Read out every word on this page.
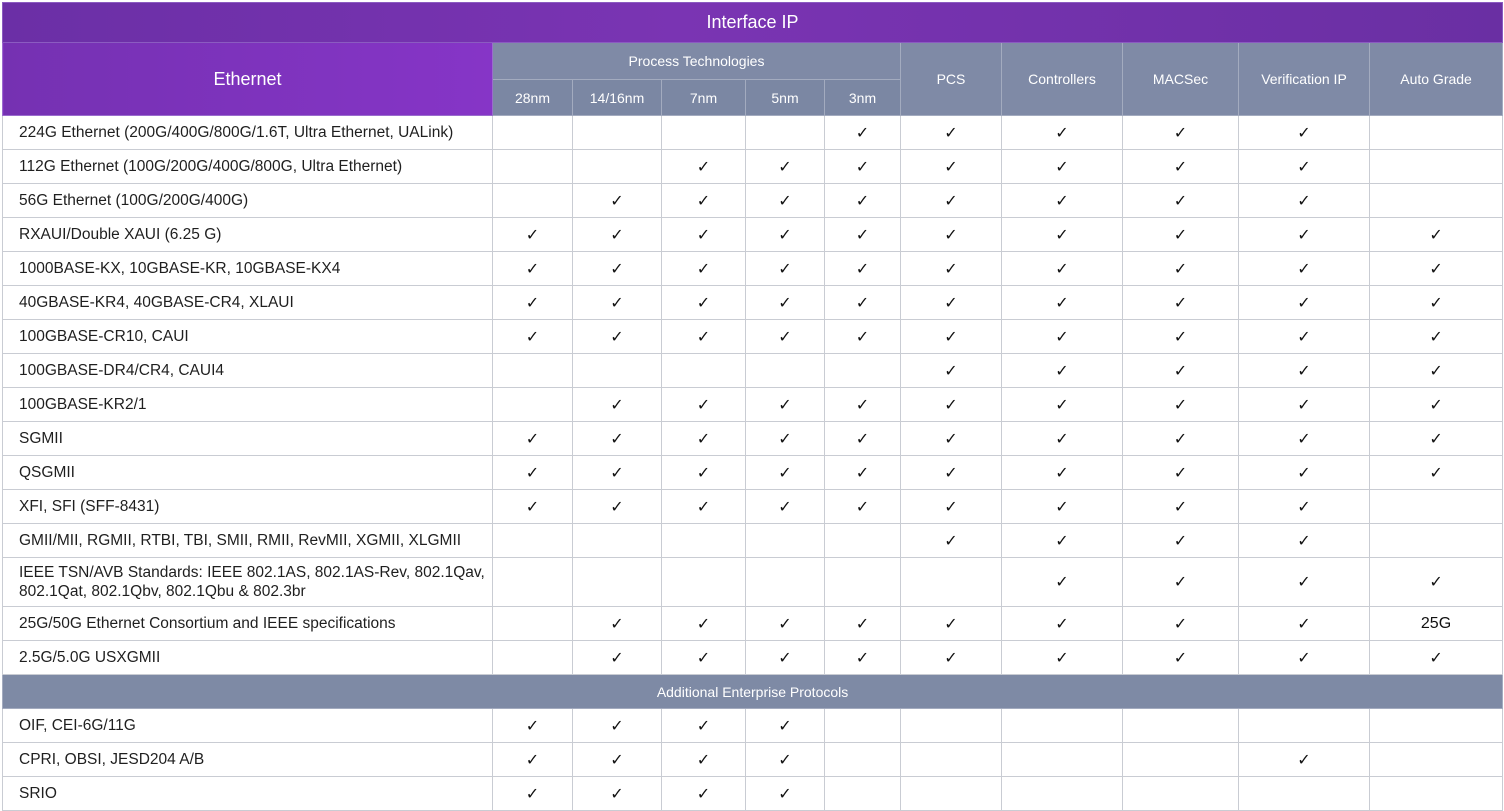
Interface IP										
Ethernet	Process Technologies					PCS	Controllers	MACSec	Verification IP	Auto Grade
	28nm	14/16nm	7nm	5nm	3nm					
224G Ethernet (200G/400G/800G/1.6T, Ultra Ethernet, UALink)					✓	✓	✓	✓	✓	
112G Ethernet (100G/200G/400G/800G, Ultra Ethernet)			✓	✓	✓	✓	✓	✓	✓	
56G Ethernet (100G/200G/400G)		✓	✓	✓	✓	✓	✓	✓	✓	
RXAUI/Double XAUI (6.25 G)	✓	✓	✓	✓	✓	✓	✓	✓	✓	✓
1000BASE-KX, 10GBASE-KR, 10GBASE-KX4	✓	✓	✓	✓	✓	✓	✓	✓	✓	✓
40GBASE-KR4, 40GBASE-CR4, XLAUI	✓	✓	✓	✓	✓	✓	✓	✓	✓	✓
100GBASE-CR10, CAUI	✓	✓	✓	✓	✓	✓	✓	✓	✓	✓
100GBASE-DR4/CR4, CAUI4						✓	✓	✓	✓	✓
100GBASE-KR2/1		✓	✓	✓	✓	✓	✓	✓	✓	✓
SGMII	✓	✓	✓	✓	✓	✓	✓	✓	✓	✓
QSGMII	✓	✓	✓	✓	✓	✓	✓	✓	✓	✓
XFI, SFI (SFF-8431)	✓	✓	✓	✓	✓	✓	✓	✓	✓	
GMII/MII, RGMII, RTBI, TBI, SMII, RMII, RevMII, XGMII, XLGMII						✓	✓	✓	✓	
IEEE TSN/AVB Standards: IEEE 802.1AS, 802.1AS-Rev, 802.1Qav, 802.1Qat, 802.1Qbv, 802.1Qbu & 802.3br							✓	✓	✓	✓
25G/50G Ethernet Consortium and IEEE specifications		✓	✓	✓	✓	✓	✓	✓	✓	25G
2.5G/5.0G USXGMII		✓	✓	✓	✓	✓	✓	✓	✓	✓
Additional Enterprise Protocols										
OIF, CEI-6G/11G	✓	✓	✓	✓						
CPRI, OBSI, JESD204 A/B	✓	✓	✓	✓					✓	
SRIO	✓	✓	✓	✓						
